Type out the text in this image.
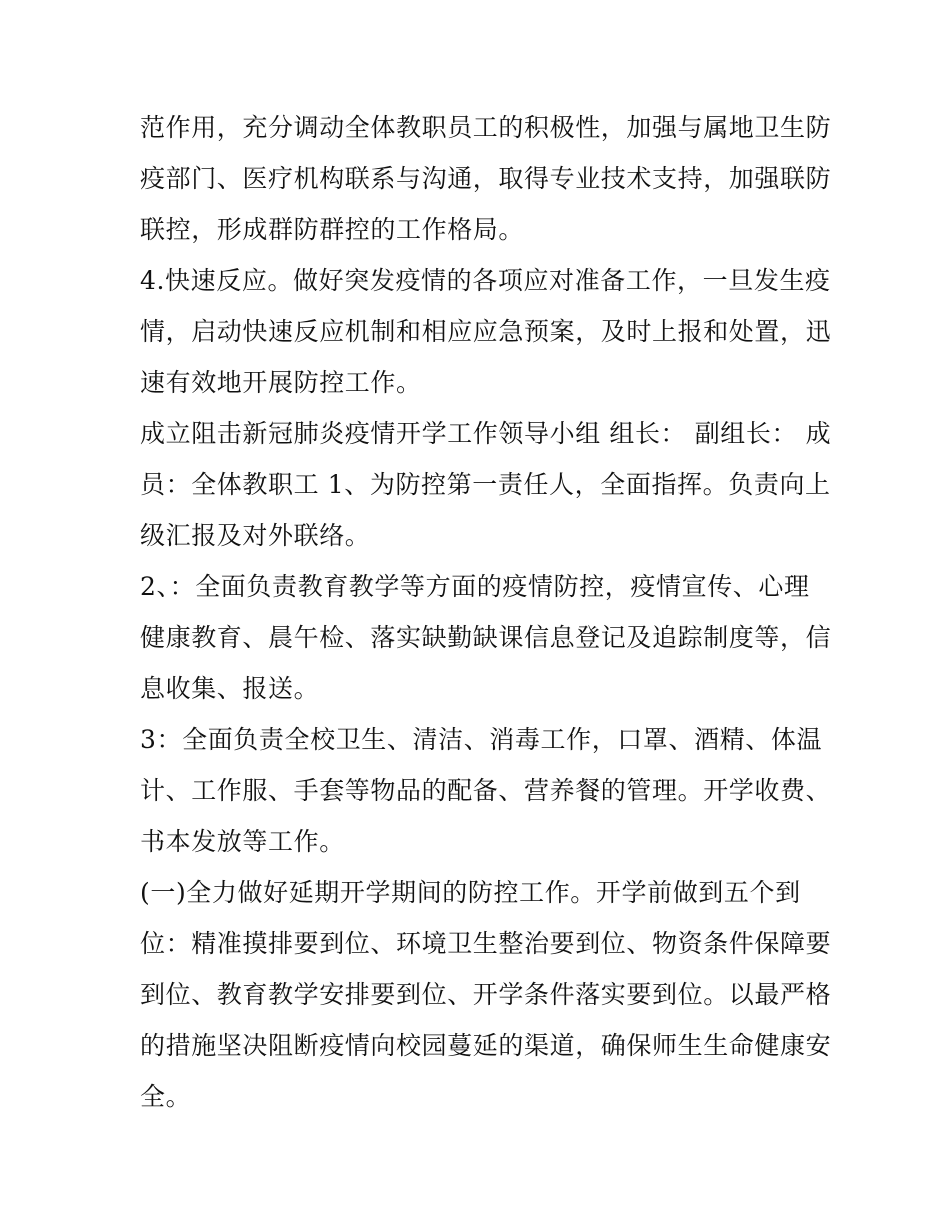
范作用，充分调动全体教职员工的积极性，加强与属地卫生防
疫部门、医疗机构联系与沟通，取得专业技术支持，加强联防
联控，形成群防群控的工作格局。
4.快速反应。做好突发疫情的各项应对准备工作，一旦发生疫
情，启动快速反应机制和相应应急预案，及时上报和处置，迅
速有效地开展防控工作。
成立阻击新冠肺炎疫情开学工作领导小组 组长： 副组长： 成
员：全体教职工 1、为防控第一责任人，全面指挥。负责向上
级汇报及对外联络。
2、：全面负责教育教学等方面的疫情防控，疫情宣传、心理
健康教育、晨午检、落实缺勤缺课信息登记及追踪制度等，信
息收集、报送。
3：全面负责全校卫生、清洁、消毒工作，口罩、酒精、体温
计、工作服、手套等物品的配备、营养餐的管理。开学收费、
书本发放等工作。
(一)全力做好延期开学期间的防控工作。开学前做到五个到
位：精准摸排要到位、环境卫生整治要到位、物资条件保障要
到位、教育教学安排要到位、开学条件落实要到位。以最严格
的措施坚决阻断疫情向校园蔓延的渠道，确保师生生命健康安
全。
